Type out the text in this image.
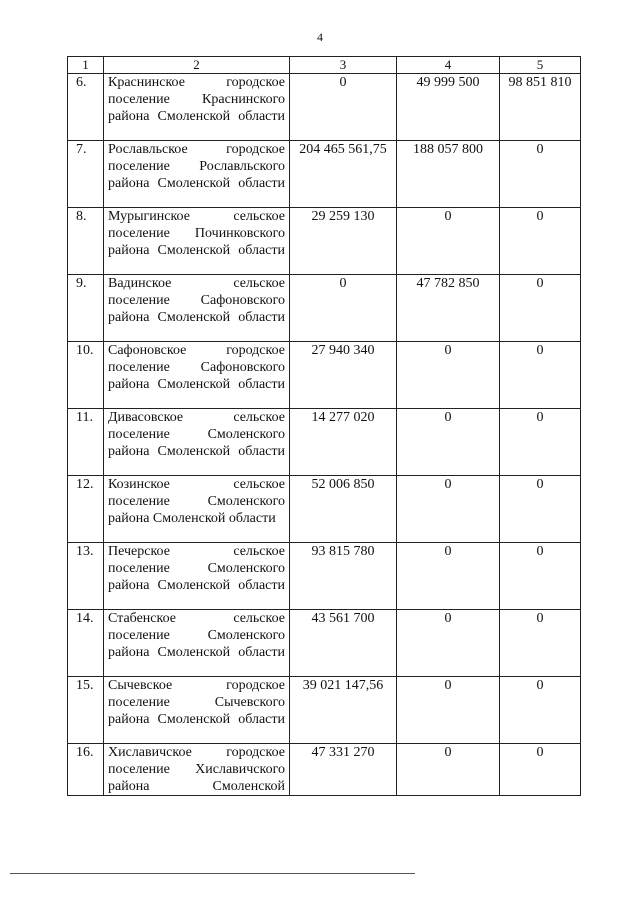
4
1	2	3	4	5
6.	Краснинское городское поселение Краснинского района Смоленской области	0	49 999 500	98 851 810
7.	Рославльское городское поселение Рославльского района Смоленской области	204 465 561,75	188 057 800	0
8.	Мурыгинское сельское поселение Починковского района Смоленской области	29 259 130	0	0
9.	Вадинское сельское поселение Сафоновского района Смоленской области	0	47 782 850	0
10.	Сафоновское городское поселение Сафоновского района Смоленской области	27 940 340	0	0
11.	Дивасовское сельское поселение Смоленского района Смоленской области	14 277 020	0	0
12.	Козинское сельское поселение Смоленского района Смоленской области	52 006 850	0	0
13.	Печерское сельское поселение Смоленского района Смоленской области	93 815 780	0	0
14.	Стабенское сельское поселение Смоленского района Смоленской области	43 561 700	0	0
15.	Сычевское городское поселение Сычевского района Смоленской области	39 021 147,56	0	0
16.	Хиславичское городское поселение Хиславичского района Смоленской	47 331 270	0	0
